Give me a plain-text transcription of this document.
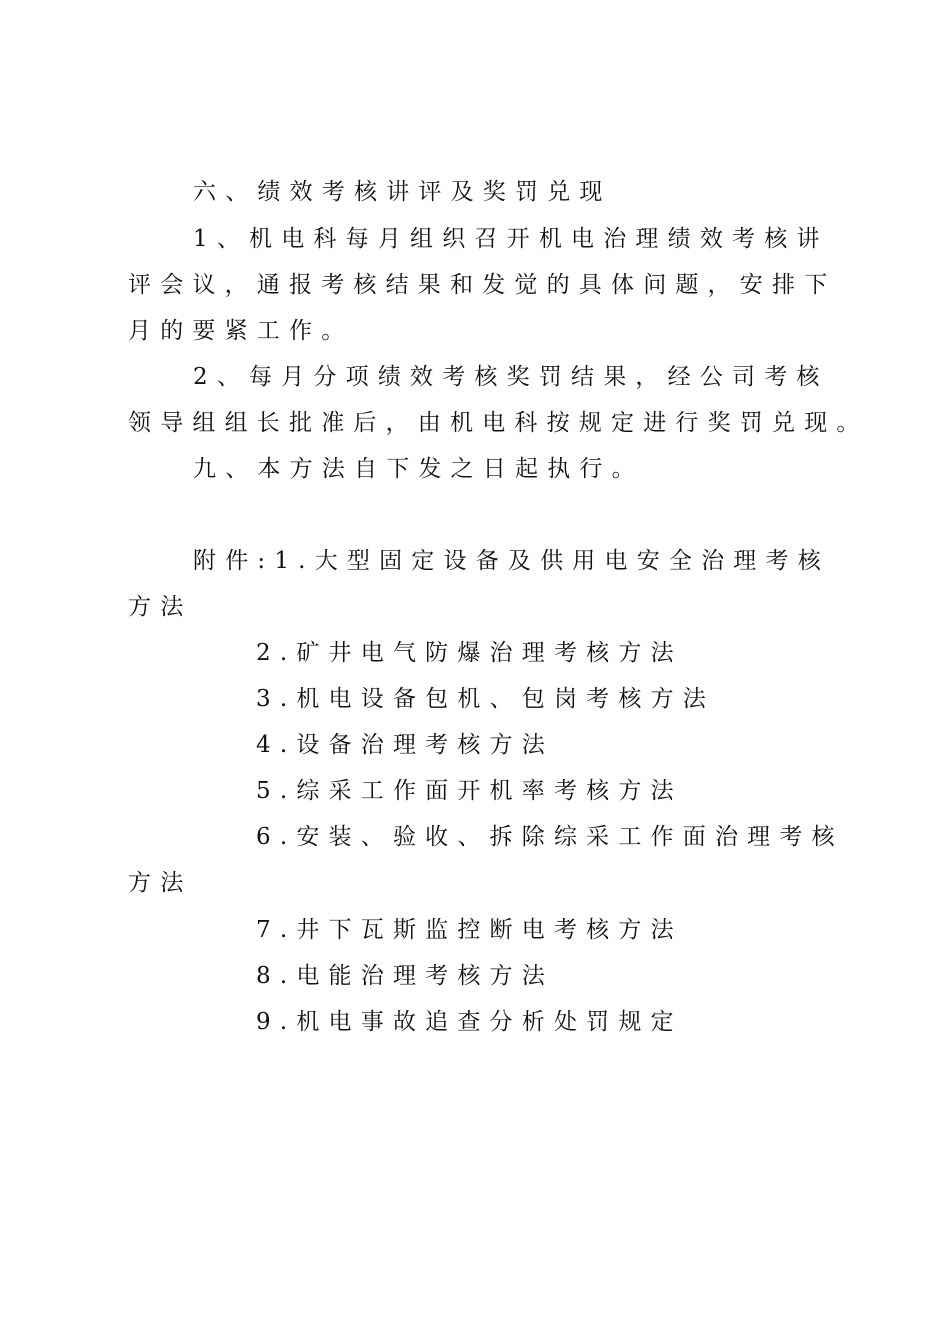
六、绩效考核讲评及奖罚兑现
1、机电科每月组织召开机电治理绩效考核讲
评会议，通报考核结果和发觉的具体问题，安排下
月的要紧工作。
2、每月分项绩效考核奖罚结果，经公司考核
领导组组长批准后，由机电科按规定进行奖罚兑现。
九、本方法自下发之日起执行。
附件:1.大型固定设备及供用电安全治理考核
方法
2.矿井电气防爆治理考核方法
3.机电设备包机、包岗考核方法
4.设备治理考核方法
5.综采工作面开机率考核方法
6.安装、验收、拆除综采工作面治理考核
方法
7.井下瓦斯监控断电考核方法
8.电能治理考核方法
9.机电事故追查分析处罚规定
